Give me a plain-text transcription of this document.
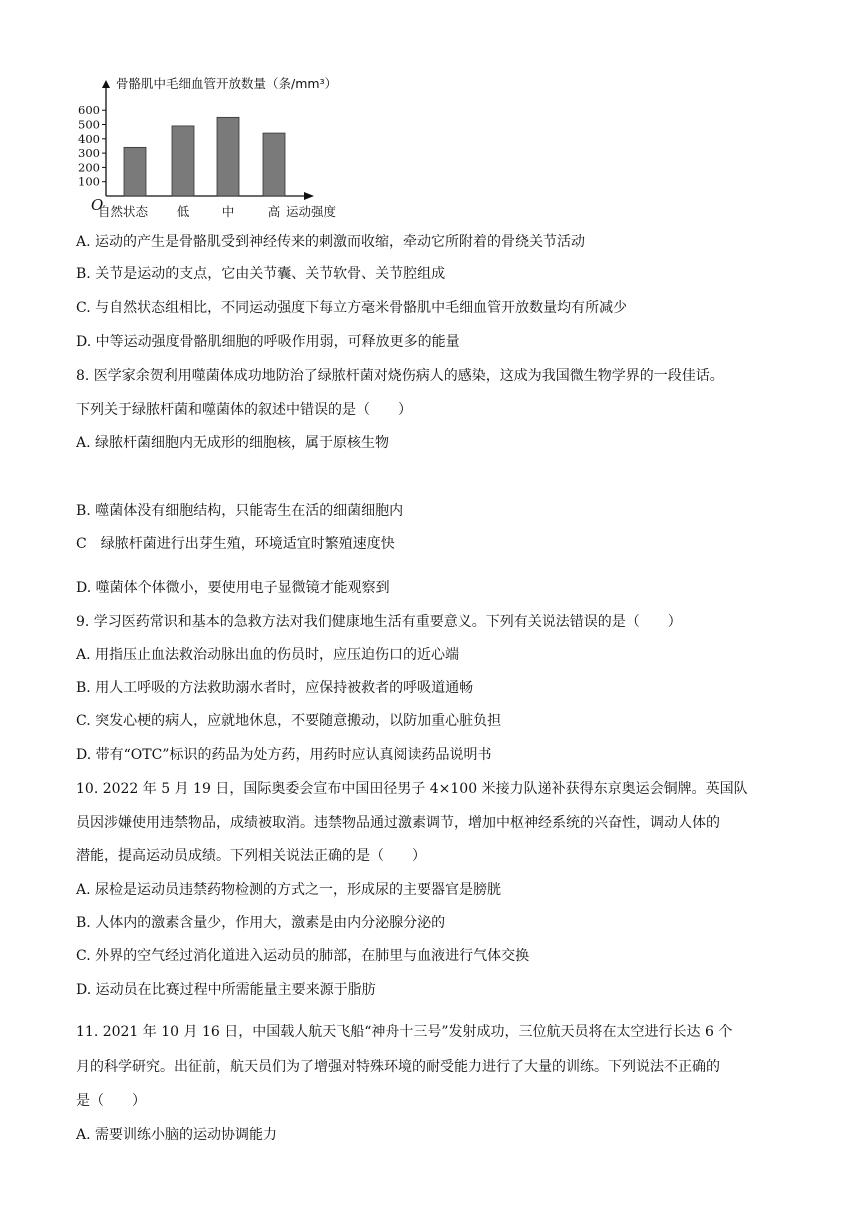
100
200
300
400
500
600
自然状态 低	中	高
骨骼肌中毛细血管开放数量（条/mm³）
运动强度
O
A. 运动的产生是骨骼肌受到神经传来的刺激而收缩，牵动它所附着的骨绕关节活动
B. 关节是运动的支点，它由关节囊、关节软骨、关节腔组成
C. 与自然状态组相比，不同运动强度下每立方毫米骨骼肌中毛细血管开放数量均有所减少
D. 中等运动强度骨骼肌细胞的呼吸作用弱，可释放更多的能量
8. 医学家余贺利用噬菌体成功地防治了绿脓杆菌对烧伤病人的感染，这成为我国微生物学界的一段佳话。
下列关于绿脓杆菌和噬菌体的叙述中错误的是（　　）
A. 绿脓杆菌细胞内无成形的细胞核，属于原核生物
B. 噬菌体没有细胞结构，只能寄生在活的细菌细胞内
C　绿脓杆菌进行出芽生殖，环境适宜时繁殖速度快
D. 噬菌体个体微小，要使用电子显微镜才能观察到
9. 学习医药常识和基本的急救方法对我们健康地生活有重要意义。下列有关说法错误的是（　　）
A. 用指压止血法救治动脉出血的伤员时，应压迫伤口的近心端
B. 用人工呼吸的方法救助溺水者时，应保持被救者的呼吸道通畅
C. 突发心梗的病人，应就地休息，不要随意搬动，以防加重心脏负担
D. 带有“OTC”标识的药品为处方药，用药时应认真阅读药品说明书
10. 2022 年 5 月 19 日，国际奥委会宣布中国田径男子 4×100 米接力队递补获得东京奥运会铜牌。英国队
员因涉嫌使用违禁物品，成绩被取消。违禁物品通过激素调节，增加中枢神经系统的兴奋性，调动人体的
潜能，提高运动员成绩。下列相关说法正确的是（　　）
A. 尿检是运动员违禁药物检测的方式之一，形成尿的主要器官是膀胱
B. 人体内的激素含量少，作用大，激素是由内分泌腺分泌的
C. 外界的空气经过消化道进入运动员的肺部，在肺里与血液进行气体交换
D. 运动员在比赛过程中所需能量主要来源于脂肪
11. 2021 年 10 月 16 日，中国载人航天飞船“神舟十三号”发射成功，三位航天员将在太空进行长达 6 个
月的科学研究。出征前，航天员们为了增强对特殊环境的耐受能力进行了大量的训练。下列说法不正确的
是（　　）
A. 需要训练小脑的运动协调能力
